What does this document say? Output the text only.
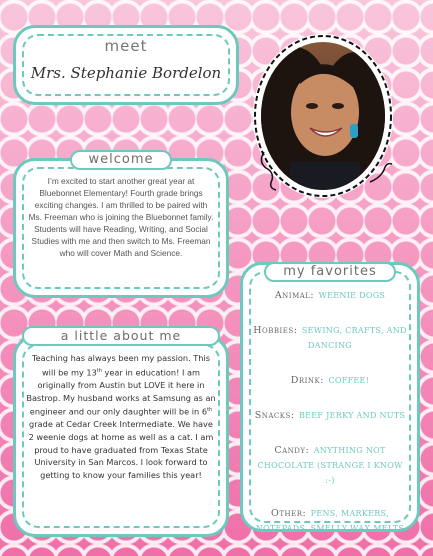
meet
Mrs. Stephanie Bordelon
I’m excited to start another great year at Bluebonnet Elementary! Fourth grade brings exciting changes. I am thrilled to be paired with Ms. Freeman who is joining the Bluebonnet family. Students will have Reading, Writing, and Social Studies with me and then switch to Ms. Freeman who will cover Math and Science.
welcome
Teaching has always been my passion. This will be my 13th year in education! I am originally from Austin but LOVE it here in Bastrop. My husband works at Samsung as an engineer and our only daughter will be in 6th grade at Cedar Creek Intermediate. We have 2 weenie dogs at home as well as a cat. I am proud to have graduated from Texas State University in San Marcos. I look forward to getting to know your families this year!
a little about me

Animal: WEENIE DOGS

Hobbies: SEWING, CRAFTS, AND DANCING

Drink: COFFEE!

Snacks: BEEF JERKY AND NUTS

Candy: ANYTHING NOT CHOCOLATE (STRANGE I KNOW :-)

Other: PENS, MARKERS, NOTEPADS, SMELLY WAX MELTS

my favorites
